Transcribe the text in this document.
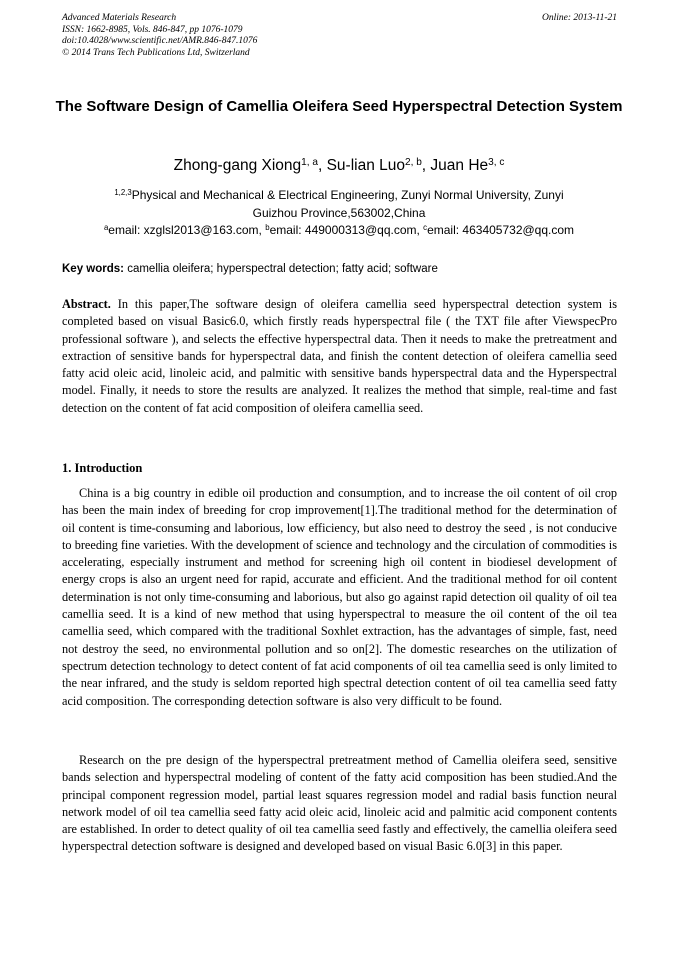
Advanced Materials Research
ISSN: 1662-8985, Vols. 846-847, pp 1076-1079
doi:10.4028/www.scientific.net/AMR.846-847.1076
© 2014 Trans Tech Publications Ltd, Switzerland
Online: 2013-11-21
The Software Design of Camellia Oleifera Seed Hyperspectral Detection System
Zhong-gang Xiong$^{1, a}$, Su-lian Luo$^{2, b}$, Juan He$^{3, c}$
$^{1,2,3}$Physical and Mechanical & Electrical Engineering, Zunyi Normal University, Zunyi
Guizhou Province,563002,China
$^a$email: xzglsl2013@163.com, $^b$email: 449000313@qq.com, $^c$email: 463405732@qq.com
Key words: camellia oleifera; hyperspectral detection; fatty acid; software
Abstract. In this paper,The software design of oleifera camellia seed hyperspectral detection system is completed based on visual Basic6.0, which firstly reads hyperspectral file ( the TXT file after ViewspecPro professional software ), and selects the effective hyperspectral data. Then it needs to make the pretreatment and extraction of sensitive bands for hyperspectral data, and finish the content detection of oleifera camellia seed fatty acid oleic acid, linoleic acid, and palmitic with sensitive bands hyperspectral data and the Hyperspectral model. Finally, it needs to store the results are analyzed. It realizes the method that simple, real-time and fast detection on the content of fat acid composition of oleifera camellia seed.
1. Introduction

China is a big country in edible oil production and consumption, and to increase the oil content of oil crop has been the main index of breeding for crop improvement[1].The traditional method for the determination of oil content is time-consuming and laborious, low efficiency, but also need to destroy the seed , is not conducive to breeding fine varieties. With the development of science and technology and the circulation of commodities is accelerating, especially instrument and method for screening high oil content in biodiesel development of energy crops is also an urgent need for rapid, accurate and efficient. And the traditional method for oil content determination is not only time-consuming and laborious, but also go against rapid detection oil quality of oil tea camellia seed. It is a kind of new method that using hyperspectral to measure the oil content of the oil tea camellia seed, which compared with the traditional Soxhlet extraction, has the advantages of simple, fast, need not destroy the seed, no environmental pollution and so on[2]. The domestic researches on the utilization of spectrum detection technology to detect content of fat acid components of oil tea camellia seed is only limited to the near infrared, and the study is seldom reported high spectral detection content of oil tea camellia seed fatty acid composition. The corresponding detection software is also very difficult to be found.

Research on the pre design of the hyperspectral pretreatment method of Camellia oleifera seed, sensitive bands selection and hyperspectral modeling of content of the fatty acid composition has been studied.And the principal component regression model, partial least squares regression model and radial basis function neural network model of oil tea camellia seed fatty acid oleic acid, linoleic acid and palmitic acid component contents are established. In order to detect quality of oil tea camellia seed fastly and effectively, the camellia oleifera seed hyperspectral detection software is designed and developed based on visual Basic 6.0[3] in this paper.
